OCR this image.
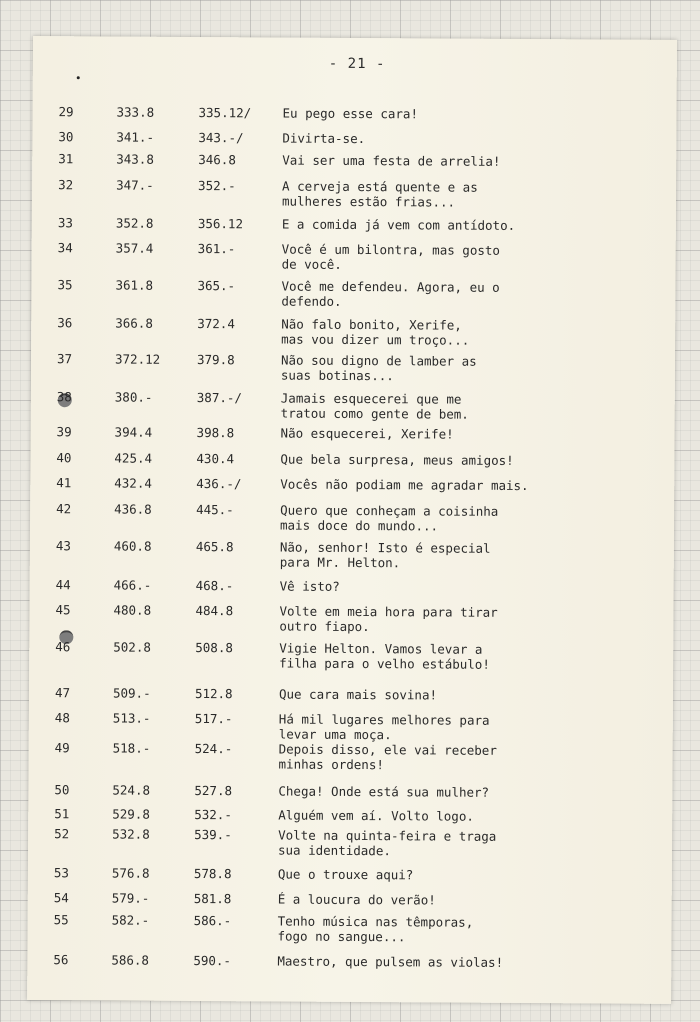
- 21 -
29	333.8	335.12/ Eu pego esse cara!
30	341.-	343.-/	Divirta-se.
31	343.8	346.8	Vai ser uma festa de arrelia!
32	347.-	352.-	A cerveja está quente e as
mulheres estão frias...
33	352.8	356.12	E a comida já vem com antídoto.
34	357.4	361.-	Você é um bilontra, mas gosto
de você.
35	361.8	365.-	Você me defendeu. Agora, eu o
defendo.
36	366.8	372.4	Não falo bonito, Xerife,
mas vou dizer um troço...
37	372.12	379.8	Não sou digno de lamber as
suas botinas...
38	380.-	387.-/	Jamais esquecerei que me
tratou como gente de bem.
39	394.4	398.8	Não esquecerei, Xerife!
40	425.4	430.4	Que bela surpresa, meus amigos!
41	432.4	436.-/	Vocês não podiam me agradar mais.
42	436.8	445.-	Quero que conheçam a coisinha
mais doce do mundo...
43	460.8	465.8	Não, senhor! Isto é especial
para Mr. Helton.
44	466.-	468.-	Vê isto?
45	480.8	484.8	Volte em meia hora para tirar
outro fiapo.
46	502.8	508.8	Vigie Helton. Vamos levar a
filha para o velho estábulo!
47	509.-	512.8	Que cara mais sovina!
48	513.-	517.-	Há mil lugares melhores para
levar uma moça.
49	518.-	524.-	Depois disso, ele vai receber
minhas ordens!
50	524.8	527.8	Chega! Onde está sua mulher?
51	529.8	532.-	Alguém vem aí. Volto logo.
52	532.8	539.-	Volte na quinta-feira e traga
sua identidade.
53	576.8	578.8	Que o trouxe aqui?
54	579.-	581.8	É a loucura do verão!
55	582.-	586.-	Tenho música nas têmporas,
fogo no sangue...
56	586.8	590.-	Maestro, que pulsem as violas!
